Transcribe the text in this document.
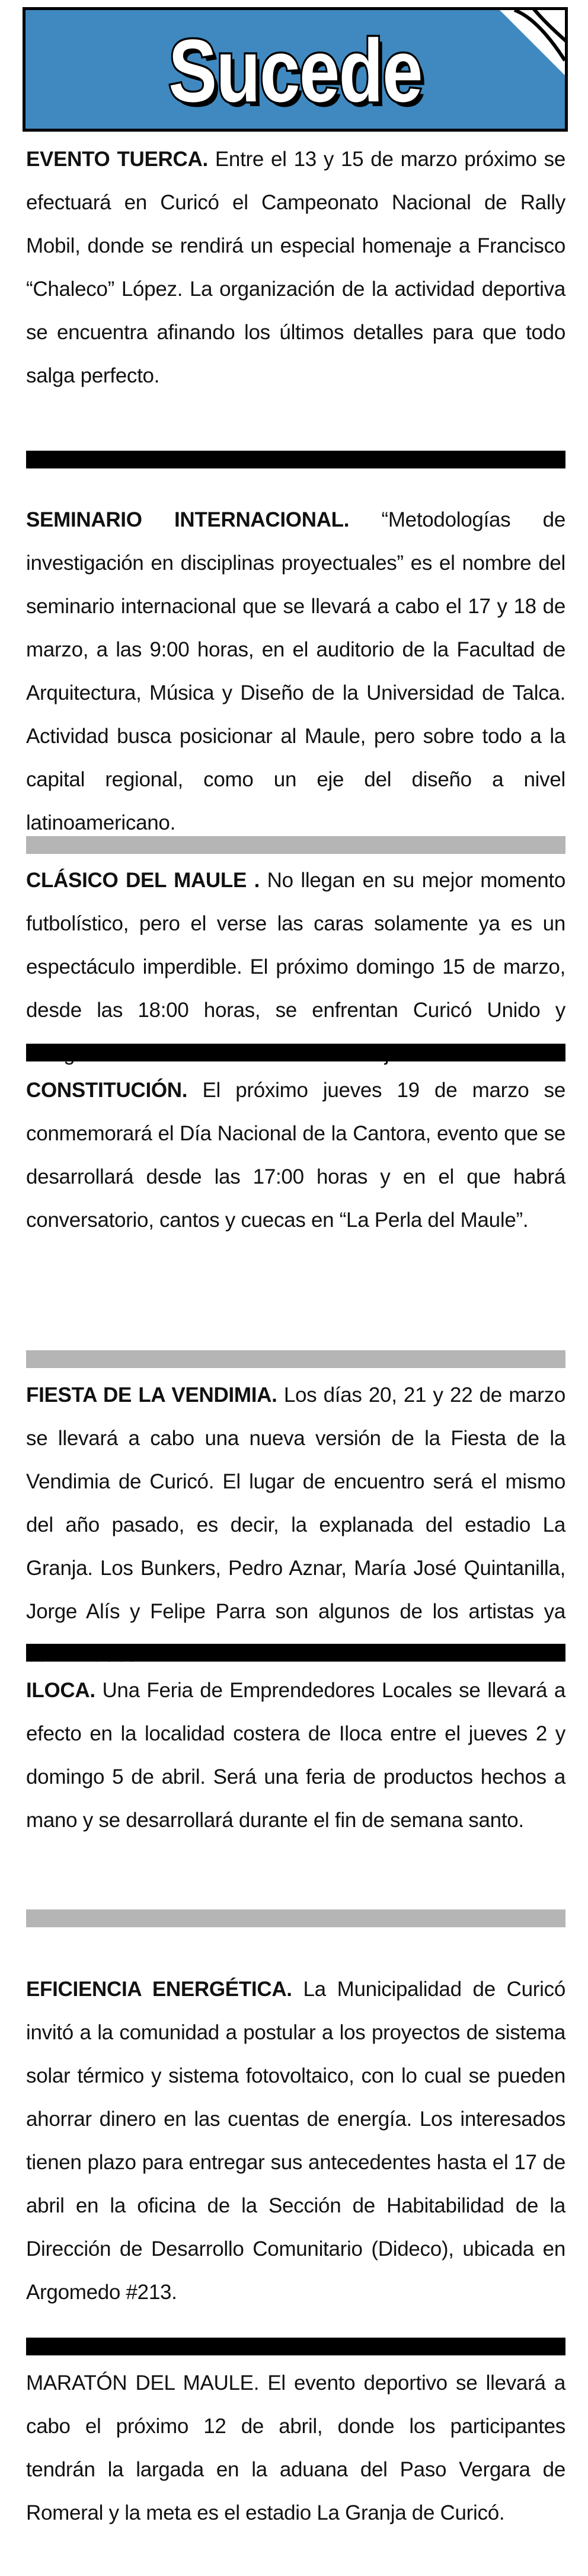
Sucede
EVENTO TUERCA. Entre el 13 y 15 de marzo próximo se efectuará en Curicó el Campeonato Nacional de Rally Mobil, donde se rendirá un especial homenaje a Francisco “Chaleco” López. La organización de la actividad deportiva se encuentra afinando los últimos detalles para que todo salga perfecto.
SEMINARIO INTERNACIONAL. “Metodologías de investigación en disciplinas proyectuales” es el nombre del seminario internacional que se llevará a cabo el 17 y 18 de marzo, a las 9:00 horas, en el auditorio de la Facultad de Arquitectura, Música y Diseño de la Universidad de Talca. Actividad busca posicionar al Maule, pero sobre todo a la capital regional, como un eje del diseño a nivel latinoamericano.
CLÁSICO DEL MAULE . No llegan en su mejor momento futbolístico, pero el verse las caras solamente ya es un espectáculo imperdible. El próximo domingo 15 de marzo, desde las 18:00 horas, se enfrentan Curicó Unido y
CONSTITUCIÓN. El próximo jueves 19 de marzo se conmemorará el Día Nacional de la Cantora, evento que se desarrollará desde las 17:00 horas y en el que habrá conversatorio, cantos y cuecas en “La Perla del Maule”.
FIESTA DE LA VENDIMIA. Los días 20, 21 y 22 de marzo se llevará a cabo una nueva versión de la Fiesta de la Vendimia de Curicó. El lugar de encuentro será el mismo del año pasado, es decir, la explanada del estadio La Granja. Los Bunkers, Pedro Aznar, María José Quintanilla, Jorge Alís y Felipe Parra son algunos de los artistas ya
ILOCA. Una Feria de Emprendedores Locales se llevará a efecto en la localidad costera de Iloca entre el jueves 2 y domingo 5 de abril. Será una feria de productos hechos a mano y se desarrollará durante el fin de semana santo.
EFICIENCIA ENERGÉTICA. La Municipalidad de Curicó invitó a la comunidad a postular a los proyectos de sistema solar térmico y sistema fotovoltaico, con lo cual se pueden ahorrar dinero en las cuentas de energía. Los interesados tienen plazo para entregar sus antecedentes hasta el 17 de abril en la oficina de la Sección de Habitabilidad de la Dirección de Desarrollo Comunitario (Dideco), ubicada en Argomedo #213.
MARATÓN DEL MAULE. El evento deportivo se llevará a cabo el próximo 12 de abril, donde los participantes tendrán la largada en la aduana del Paso Vergara de Romeral y la meta es el estadio La Granja de Curicó.
